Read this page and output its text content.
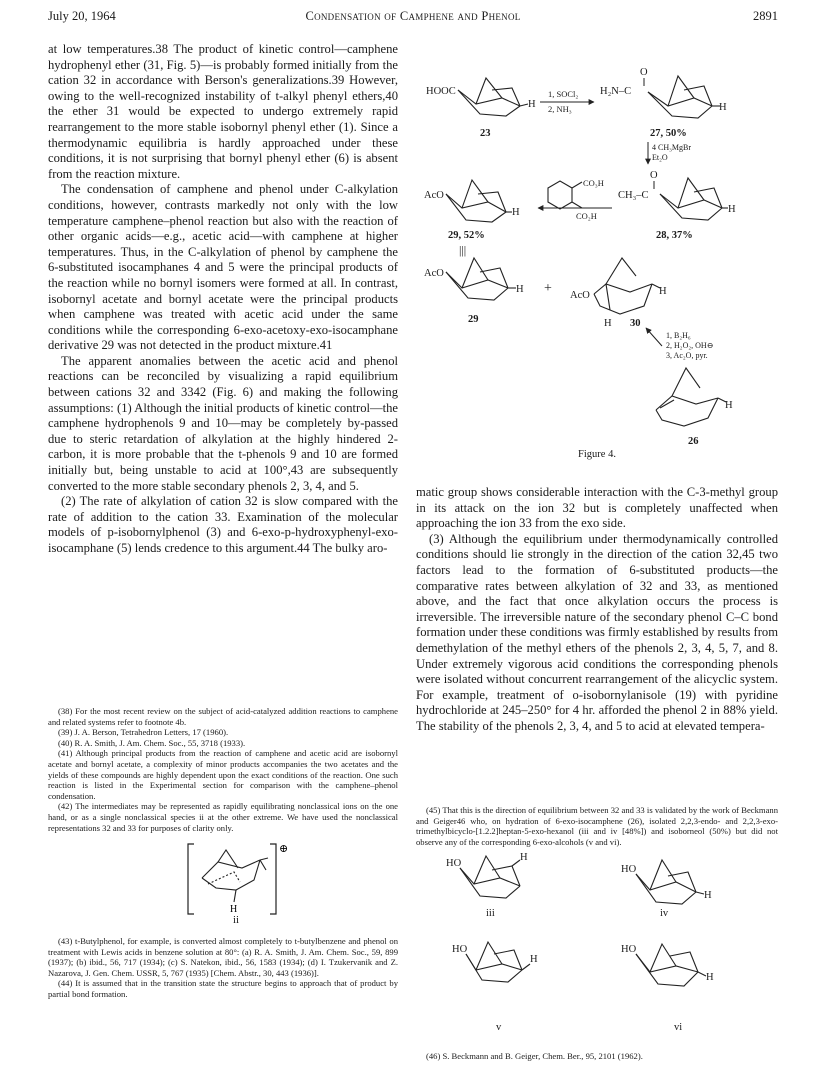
July 20, 1964	Condensation of Camphene and Phenol	2891

at low temperatures.38 The product of kinetic control—camphene hydrophenyl ether (31, Fig. 5)—is probably formed initially from the cation 32 in accordance with Berson's generalizations.39 However, owing to the well-recognized instability of t-alkyl phenyl ethers,40 the ether 31 would be expected to undergo extremely rapid rearrangement to the more stable isobornyl phenyl ether (1). Since a thermodynamic equilibria is hardly approached under these conditions, it is not surprising that bornyl phenyl ether (6) is absent from the reaction mixture.

The condensation of camphene and phenol under C-alkylation conditions, however, contrasts markedly not only with the low temperature camphene–phenol reaction but also with the reaction of other organic acids—e.g., acetic acid—with camphene at higher temperatures. Thus, in the C-alkylation of phenol by camphene the 6-substituted isocamphanes 4 and 5 were the principal products of the reaction while no bornyl isomers were formed at all. In contrast, isobornyl acetate and bornyl acetate were the principal products when camphene was treated with acetic acid under the same conditions while the corresponding 6-exo-acetoxy-exo-isocamphane derivative 29 was not detected in the product mixture.41

The apparent anomalies between the acetic acid and phenol reactions can be reconciled by visualizing a rapid equilibrium between cations 32 and 3342 (Fig. 6) and making the following assumptions: (1) Although the initial products of kinetic control—the camphene hydrophenols 9 and 10—may be completely by-passed due to steric retardation of alkylation at the highly hindered 2-carbon, it is more probable that the t-phenols 9 and 10 are formed initially but, being unstable to acid at 100°,43 are subsequently converted to the more stable secondary phenols 2, 3, 4, and 5.

(2) The rate of alkylation of cation 32 is slow compared with the rate of addition to the cation 33. Examination of the molecular models of p-isobornylphenol (3) and 6-exo-p-hydroxyphenyl-exo-isocamphane (5) lends credence to this argument.44 The bulky aro-

(38) For the most recent review on the subject of acid-catalyzed addition reactions to camphene and related systems refer to footnote 4b.

(39) J. A. Berson, Tetrahedron Letters, 17 (1960).

(40) R. A. Smith, J. Am. Chem. Soc., 55, 3718 (1933).

(41) Although principal products from the reaction of camphene and acetic acid are isobornyl acetate and bornyl acetate, a complexity of minor products accompanies the two acetates and the yields of these compounds are highly dependent upon the exact conditions of the reaction. One such reaction is listed in the Experimental section for comparison with the camphene–phenol condensation.

(42) The intermediates may be represented as rapidly equilibrating nonclassical ions on the one hand, or as a single nonclassical species ii at the other extreme. We have used the nonclassical representations 32 and 33 for purposes of clarity only.

⊕
H
ii

(43) t-Butylphenol, for example, is converted almost completely to t-butylbenzene and phenol on treatment with Lewis acids in benzene solution at 80°: (a) R. A. Smith, J. Am. Chem. Soc., 59, 899 (1937); (b) ibid., 56, 717 (1934); (c) S. Natekon, ibid., 56, 1583 (1934); (d) I. Tzukervanik and Z. Nazarova, J. Gen. Chem. USSR, 5, 767 (1935) [Chem. Abstr., 30, 443 (1936)].

(44) It is assumed that in the transition state the structure begins to approach that of product by partial bond formation.

HOOC
H
23
1, SOCl₂
2, NH₃
H₂N–C
O
H
27, 50%
4 CH₃MgBr
Et₂O
AcO
H
29, 52%
|||
CO₃H
CO₂H
CH₃–C
O
H
28, 37%
AcO
H +
29
AcO	H
H 30
1, B₂H₆
2, H₂O₂, OH⊖
3, Ac₂O, pyr.
H
26
Figure 4.

matic group shows considerable interaction with the C-3-methyl group in its attack on the ion 32 but is completely unaffected when approaching the ion 33 from the exo side.

(3) Although the equilibrium under thermodynamically controlled conditions should lie strongly in the direction of the cation 32,45 two factors lead to the formation of 6-substituted products—the comparative rates between alkylation of 32 and 33, as mentioned above, and the fact that once alkylation occurs the process is irreversible. The irreversible nature of the secondary phenol C–C bond formation under these conditions was firmly established by results from demethylation of the methyl ethers of the phenols 2, 3, 4, 5, 7, and 8. Under extremely vigorous acid conditions the corresponding phenols were isolated without concurrent rearrangement of the alicyclic system. For example, treatment of o-isobornylanisole (19) with pyridine hydrochloride at 245–250° for 4 hr. afforded the phenol 2 in 88% yield. The stability of the phenols 2, 3, 4, and 5 to acid at elevated tempera-

(45) That this is the direction of equilibrium between 32 and 33 is validated by the work of Beckmann and Geiger46 who, on hydration of 6-exo-isocamphene (26), isolated 2,2,3-endo- and 2,2,3-exo-trimethylbicyclo-[1.2.2]heptan-5-exo-hexanol (iii and iv [48%]) and isoborneol (50%) but did not observe any of the corresponding 6-exo-alcohols (v and vi).

HO
H
iii
HO
H
iv
HO
H
v
HO
H
vi

(46) S. Beckmann and B. Geiger, Chem. Ber., 95, 2101 (1962).
